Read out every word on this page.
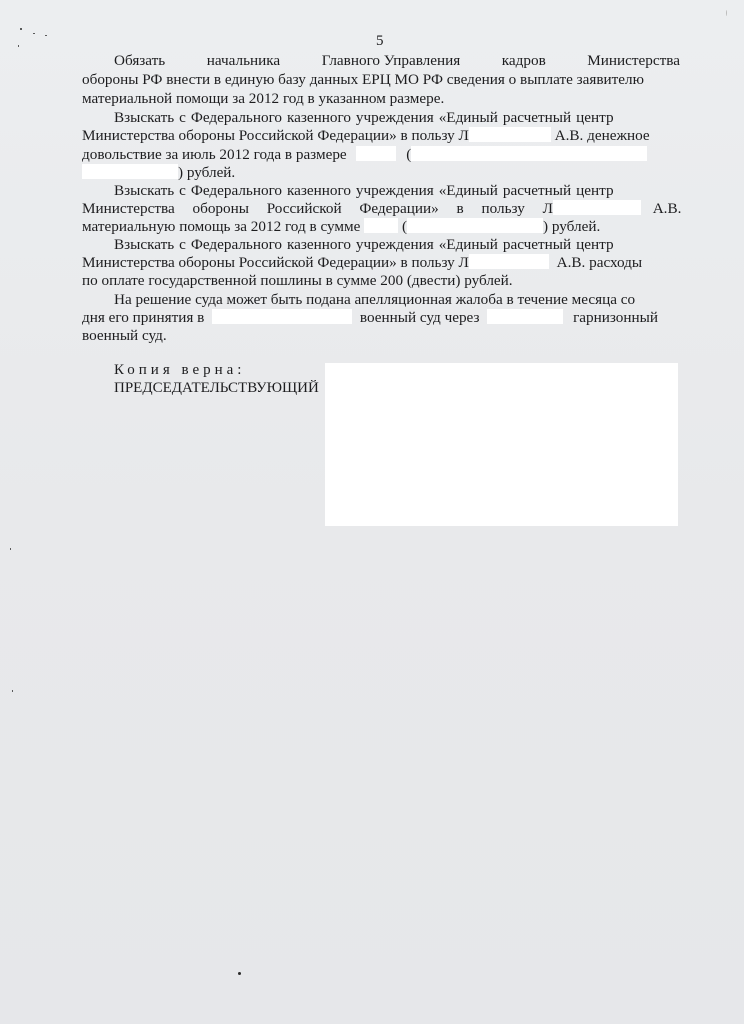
5
Обязать	начальника	Главного Управления	кадров	Министерства
обороны РФ внести в единую базу данных ЕРЦ МО РФ сведения о выплате заявителю
материальной помощи за 2012 год в указанном размере.
Взыскать с Федерального казенного учреждения «Единый расчетный центр
Министерства обороны Российской Федерации» в пользу Л	А.В. денежное
довольствие за июль 2012 года в размере	(
) рублей.
Взыскать с Федерального казенного учреждения «Единый расчетный центр
Министерства обороны Российской Федерации» в пользу Л	А.В.
материальную помощь за 2012 год в сумме	(	) рублей.
Взыскать с Федерального казенного учреждения «Единый расчетный центр
Министерства обороны Российской Федерации» в пользу Л	А.В. расходы
по оплате государственной пошлины в сумме 200 (двести) рублей.
На решение суда может быть подана апелляционная жалоба в течение месяца со
дня его принятия в	военный суд через	гарнизонный
военный суд.
Копия верна:
ПРЕДСЕДАТЕЛЬСТВУЮЩИЙ
